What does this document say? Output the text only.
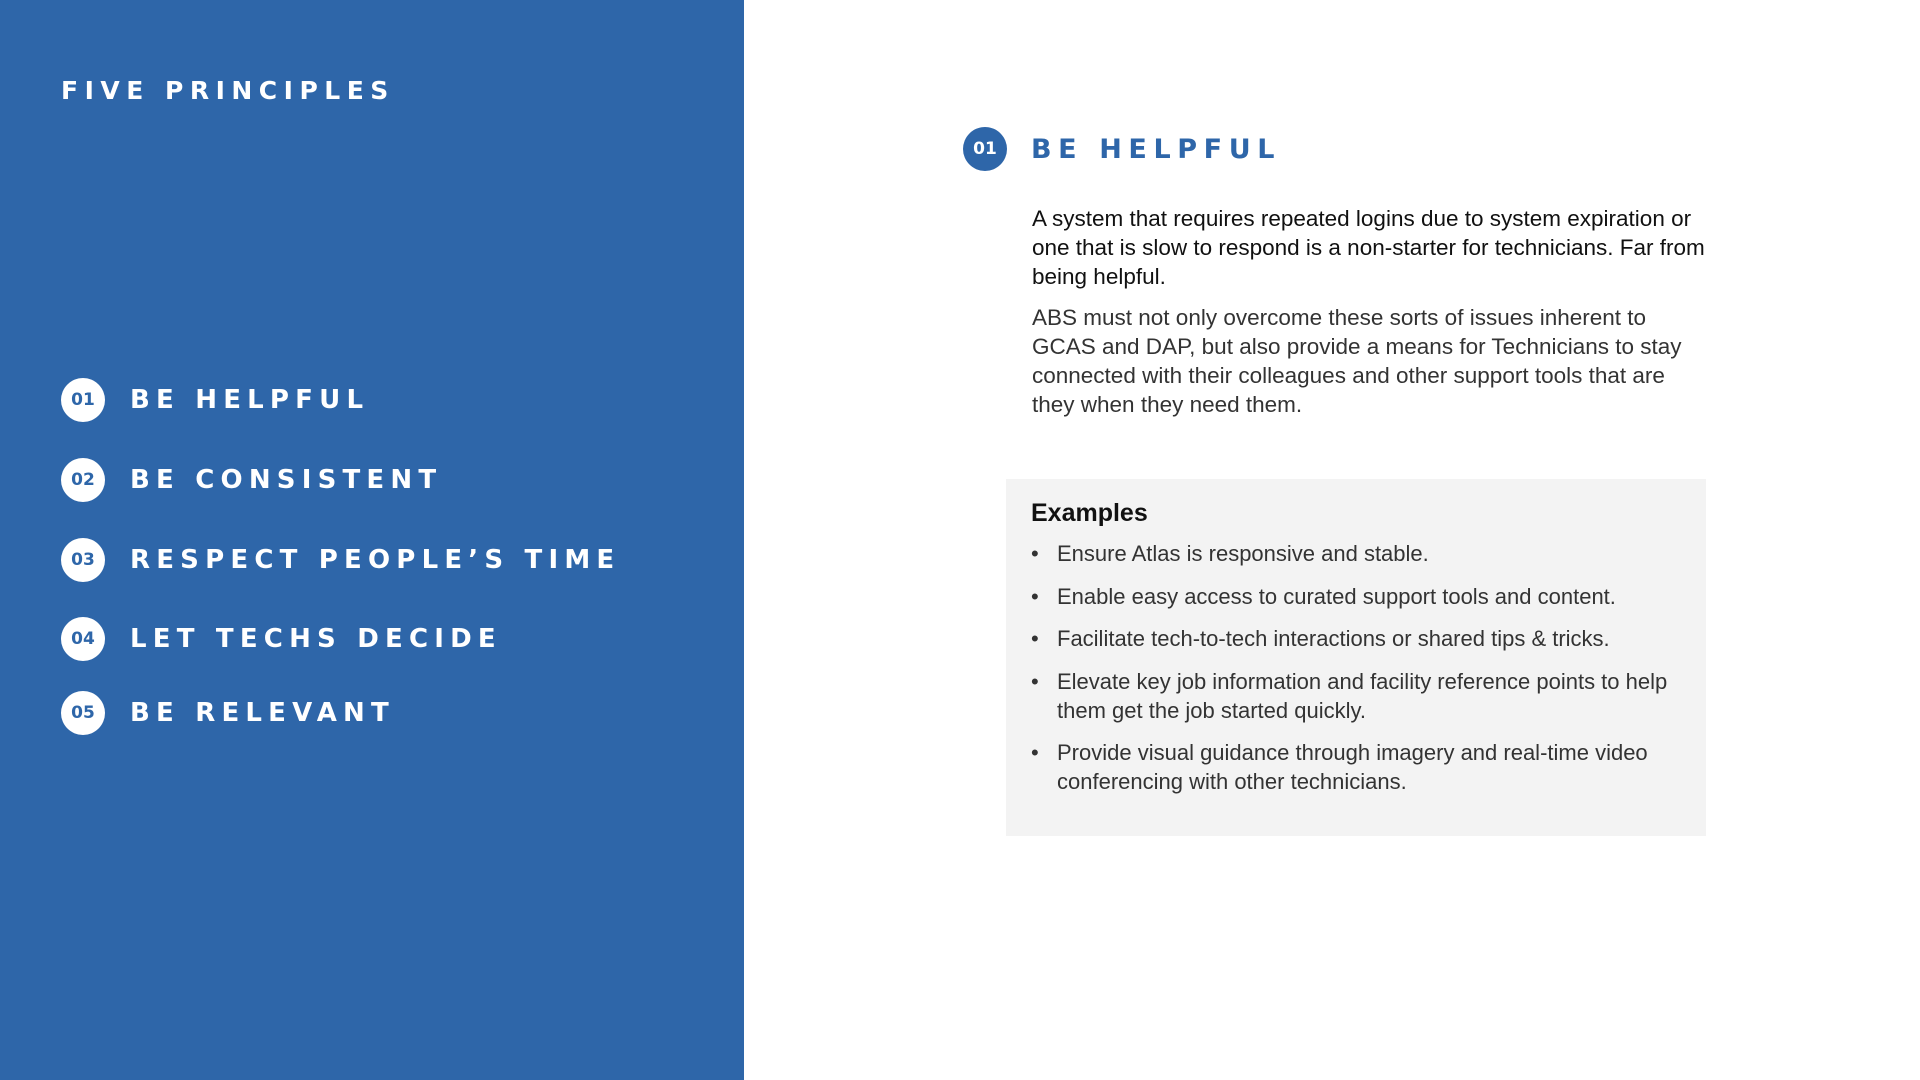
FIVE PRINCIPLES
01	BE HELPFUL
02	BE CONSISTENT
03	RESPECT PEOPLE’S TIME
04	LET TECHS DECIDE
05	BE RELEVANT
01	BE HELPFUL

A system that requires repeated logins due to system expiration or one that is slow to respond is a non-starter for technicians. Far from being helpful.

ABS must not only overcome these sorts of issues inherent to GCAS and DAP, but also provide a means for Technicians to stay connected with their colleagues and other support tools that are they when they need them.

Examples
• Ensure Atlas is responsive and stable.
• Enable easy access to curated support tools and content.
• Facilitate tech-to-tech interactions or shared tips & tricks.
• Elevate key job information and facility reference points to help them get the job started quickly.
• Provide visual guidance through imagery and real-time video conferencing with other technicians.
